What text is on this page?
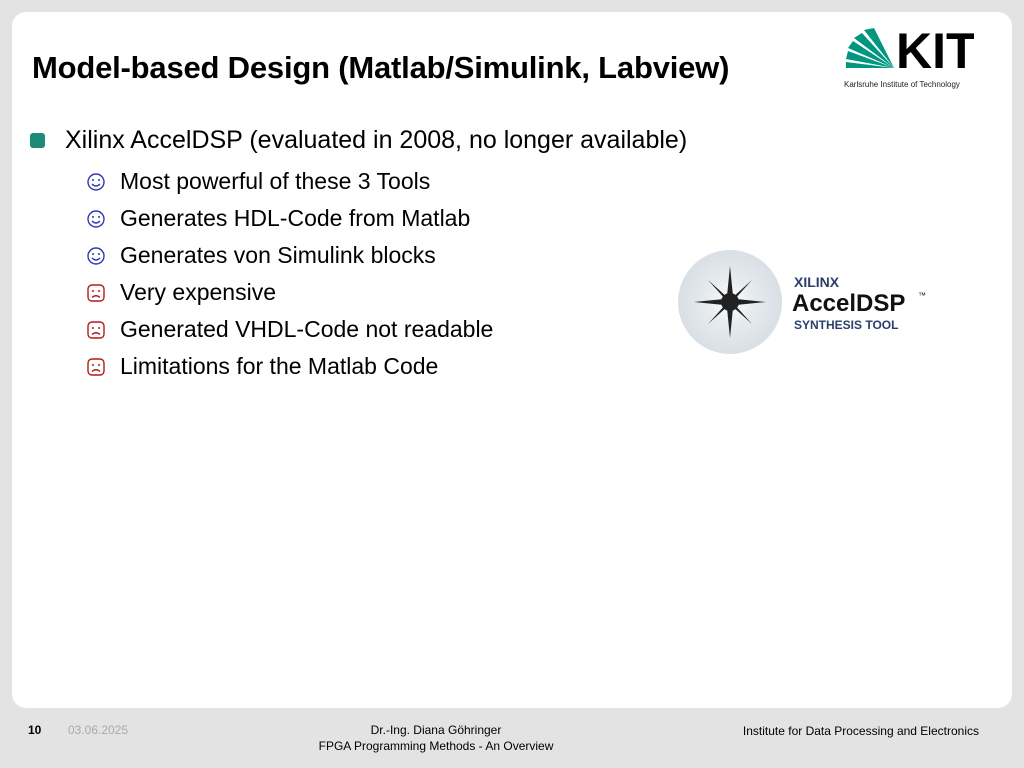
Model-based Design (Matlab/Simulink, Labview)	KIT
Karlsruhe Institute of Technology
Xilinx AccelDSP (evaluated in 2008, no longer available)
Most powerful of these 3 Tools
Generates HDL-Code from Matlab
Generates von Simulink blocks
Very expensive
Generated VHDL-Code not readable
Limitations for the Matlab Code
XILINX
AccelDSP ™
SYNTHESIS TOOL
10 03.06.2025	Dr.-Ing. Diana Göhringer
FPGA Programming Methods - An Overview
Institute for Data Processing and Electronics
